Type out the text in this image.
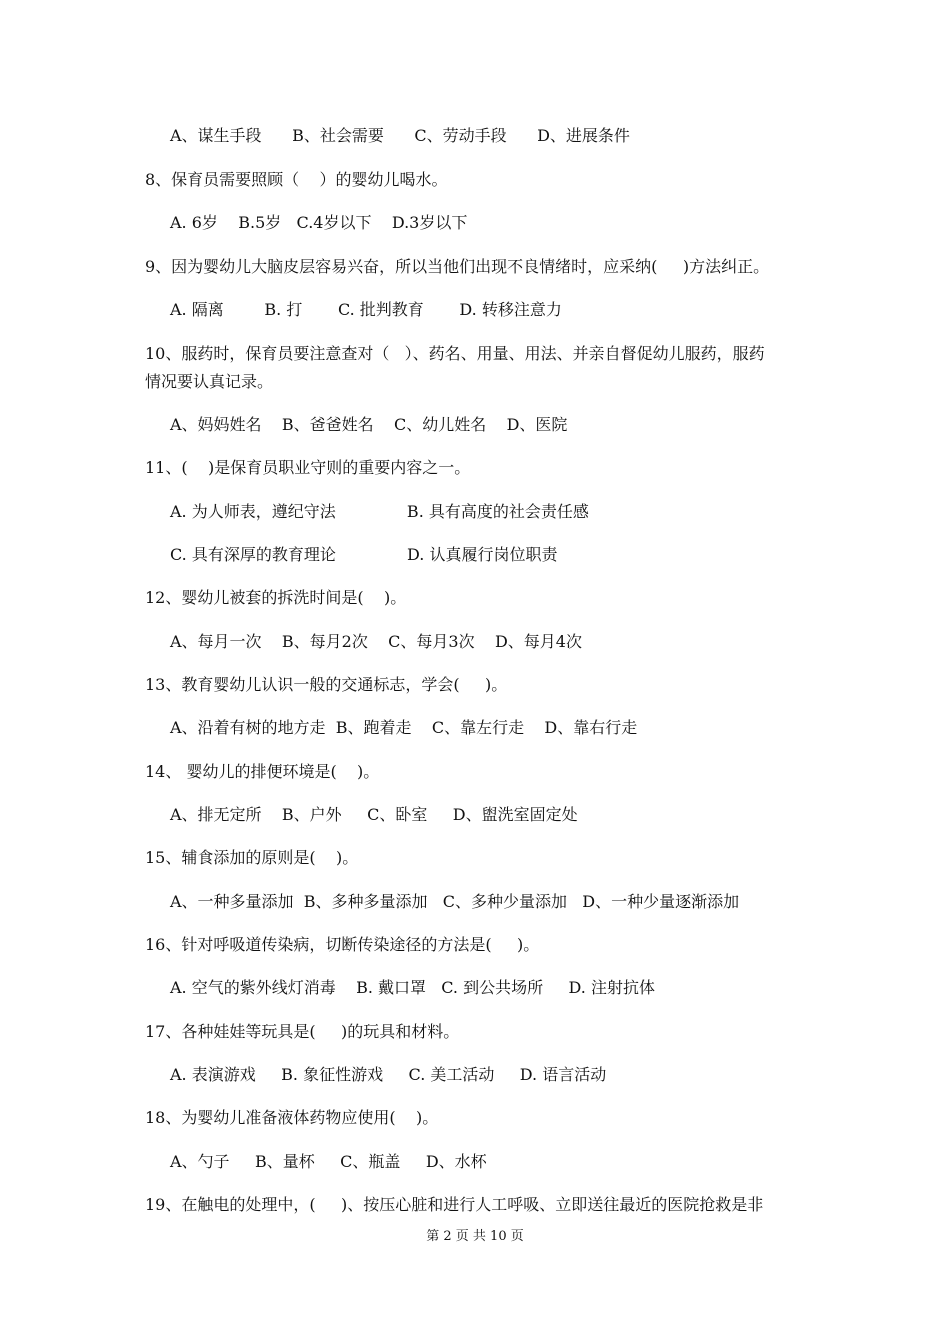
A、谋生手段      B、社会需要      C、劳动手段      D、进展条件
8、保育员需要照顾（    ）的婴幼儿喝水。
A. 6岁    B.5岁   C.4岁以下    D.3岁以下
9、因为婴幼儿大脑皮层容易兴奋，所以当他们出现不良情绪时，应采纳(     )方法纠正。
A. 隔离        B. 打       C. 批判教育       D. 转移注意力
10、服药时，保育员要注意查对（   ）、药名、用量、用法、并亲自督促幼儿服药，服药
情况要认真记录。
A、妈妈姓名    B、爸爸姓名    C、幼儿姓名    D、医院
11、(    )是保育员职业守则的重要内容之一。
A. 为人师表，遵纪守法              B. 具有高度的社会责任感
C. 具有深厚的教育理论              D. 认真履行岗位职责
12、婴幼儿被套的拆洗时间是(    )。
A、每月一次    B、每月2次    C、每月3次    D、每月4次
13、教育婴幼儿认识一般的交通标志，学会(     )。
A、沿着有树的地方走  B、跑着走    C、靠左行走    D、靠右行走
14、 婴幼儿的排便环境是(    )。
A、排无定所    B、户外     C、卧室     D、盥洗室固定处
15、辅食添加的原则是(    )。
A、一种多量添加  B、多种多量添加   C、多种少量添加   D、一种少量逐渐添加
16、针对呼吸道传染病，切断传染途径的方法是(     )。
A. 空气的紫外线灯消毒    B. 戴口罩   C. 到公共场所     D. 注射抗体
17、各种娃娃等玩具是(     )的玩具和材料。
A. 表演游戏     B. 象征性游戏     C. 美工活动     D. 语言活动
18、为婴幼儿准备液体药物应使用(    )。
A、勺子     B、量杯     C、瓶盖     D、水杯
19、在触电的处理中，(     )、按压心脏和进行人工呼吸、立即送往最近的医院抢救是非
第 2 页 共 10 页
